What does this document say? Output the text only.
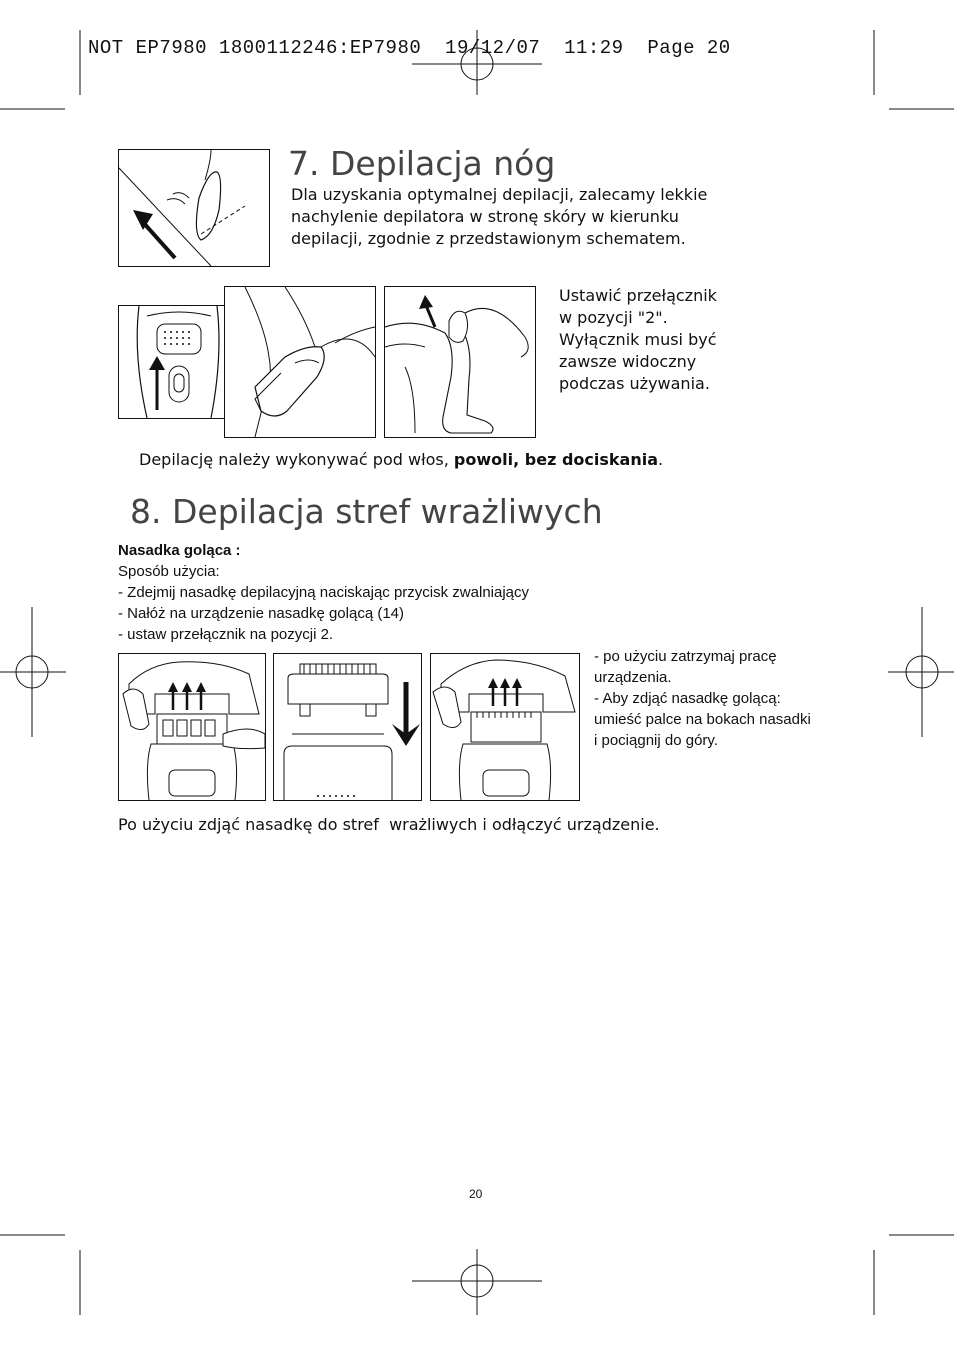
NOT EP7980 1800112246:EP7980  19/12/07  11:29  Page 20
7. Depilacja nóg
Dla uzyskania optymalnej depilacji, zalecamy lekkie
nachylenie depilatora w stronę skóry w kierunku
depilacji, zgodnie z przedstawionym schematem.
Ustawić przełącznik
w pozycji "2".
Wyłącznik musi być
zawsze widoczny
podczas używania.
Depilację należy wykonywać pod włos, powoli, bez dociskania.
8. Depilacja stref wrażliwych
Nasadka goląca :
Sposób użycia:
- Zdejmij nasadkę depilacyjną naciskając przycisk zwalniający
- Nałóż na urządzenie nasadkę golącą (14)
- ustaw przełącznik na pozycji 2.
- po użyciu zatrzymaj pracę
urządzenia.
- Aby zdjąć nasadkę golącą:
umieść palce na bokach nasadki
i pociągnij do góry.
Po użyciu zdjąć nasadkę do stref  wrażliwych i odłączyć urządzenie.
20
